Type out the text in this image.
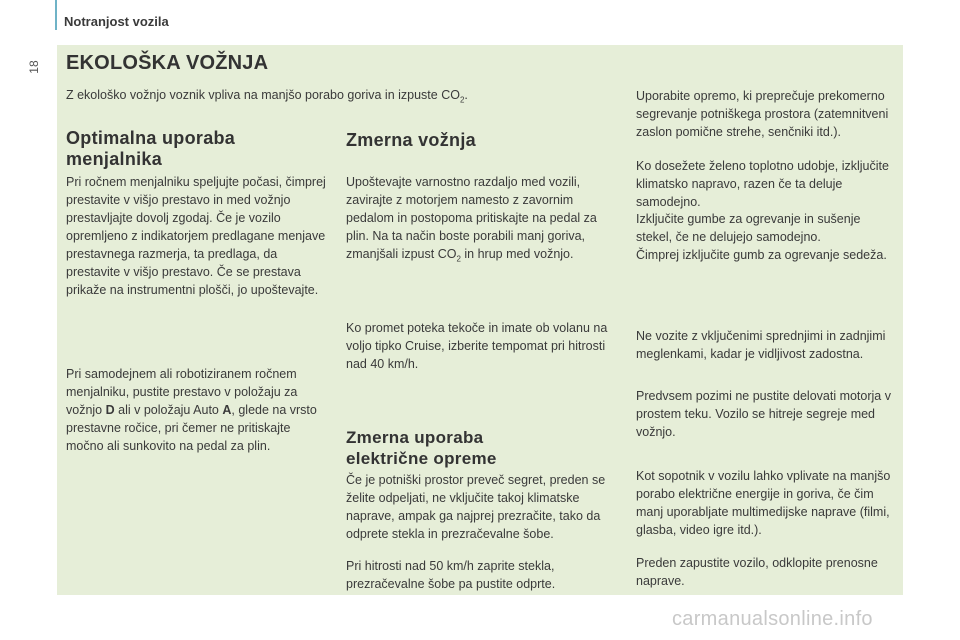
Notranjost vozila
18 EKOLOŠKA VOŽNJA
Z ekološko vožnjo voznik vpliva na manjšo porabo goriva in izpuste $CO_2$.
Optimalna uporaba menjalnika
Pri ročnem menjalniku speljujte počasi, čimprej prestavite v višjo prestavo in med vožnjo prestavljajte dovolj zgodaj. Če je vozilo opremljeno z indikatorjem predlagane menjave prestavnega razmerja, ta predlaga, da prestavite v višjo prestavo. Če se prestava prikaže na instrumentni plošči, jo upoštevajte.
Pri samodejnem ali robotiziranem ročnem menjalniku, pustite prestavo v položaju za vožnjo D ali v položaju Auto A, glede na vrsto prestavne ročice, pri čemer ne pritiskajte močno ali sunkovito na pedal za plin.
Zmerna vožnja
Upoštevajte varnostno razdaljo med vozili, zavirajte z motorjem namesto z zavornim pedalom in postopoma pritiskajte na pedal za plin. Na ta način boste porabili manj goriva, zmanjšali izpust $CO_2$ in hrup med vožnjo.
Ko promet poteka tekoče in imate ob volanu na voljo tipko Cruise, izberite tempomat pri hitrosti nad 40 km/h.
Zmerna uporaba električne opreme
Če je potniški prostor preveč segret, preden se želite odpeljati, ne vključite takoj klimatske naprave, ampak ga najprej prezračite, tako da odprete stekla in prezračevalne šobe.
Pri hitrosti nad 50 km/h zaprite stekla, prezračevalne šobe pa pustite odprte.
Uporabite opremo, ki preprečuje prekomerno segrevanje potniškega prostora (zatemnitveni zaslon pomične strehe, senčniki itd.).
Ko dosežete želeno toplotno udobje, izključite klimatsko napravo, razen če ta deluje samodejno.
Izključite gumbe za ogrevanje in sušenje stekel, če ne delujejo samodejno.
Čimprej izključite gumb za ogrevanje sedeža.
Ne vozite z vključenimi sprednjimi in zadnjimi meglenkami, kadar je vidljivost zadostna.
Predvsem pozimi ne pustite delovati motorja v prostem teku. Vozilo se hitreje segreje med vožnjo.
Kot sopotnik v vozilu lahko vplivate na manjšo porabo električne energije in goriva, če čim manj uporabljate multimedijske naprave (filmi, glasba, video igre itd.).
Preden zapustite vozilo, odklopite prenosne naprave.
carmanualsonline.info
